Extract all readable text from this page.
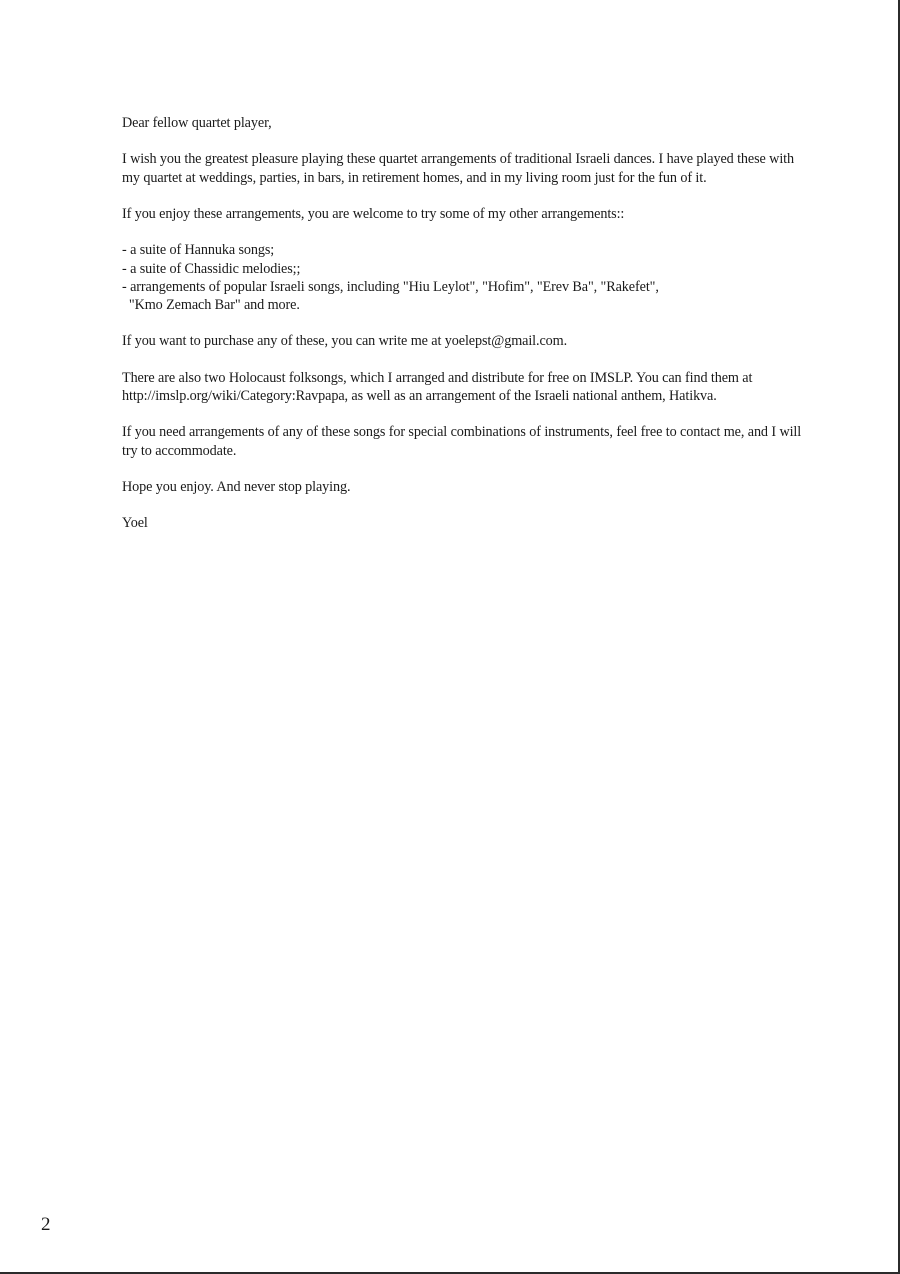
Dear fellow quartet player,

I wish you the greatest pleasure playing these quartet arrangements of traditional Israeli dances. I have played these with my quartet at weddings, parties, in bars, in retirement homes, and in my living room just for the fun of it.

If you enjoy these arrangements, you are welcome to try some of my other arrangements::

- a suite of Hannuka songs;
- a suite of Chassidic melodies;;
- arrangements of popular Israeli songs, including "Hiu Leylot", "Hofim", "Erev Ba", "Rakefet",
"Kmo Zemach Bar" and more.

If you want to purchase any of these, you can write me at yoelepst@gmail.com.

There are also two Holocaust folksongs, which I arranged and distribute for free on IMSLP. You can find them at http://imslp.org/wiki/Category:Ravpapa, as well as an arrangement of the Israeli national anthem, Hatikva.

If you need arrangements of any of these songs for special combinations of instruments, feel free to contact me, and I will try to accommodate.

Hope you enjoy. And never stop playing.

Yoel

2
